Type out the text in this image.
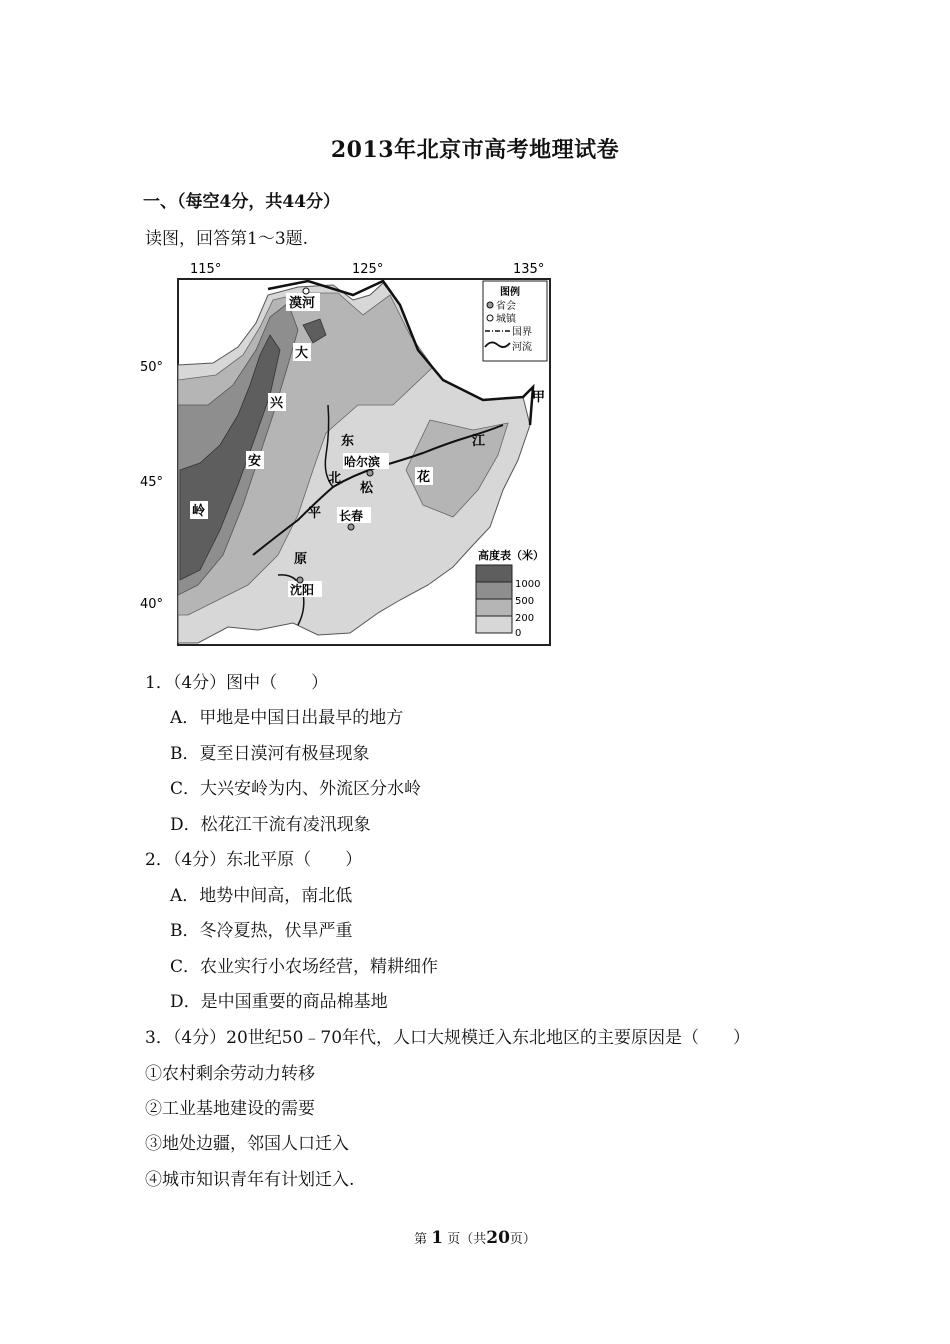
2013年北京市高考地理试卷
一、（每空4分，共44分）
读图，回答第1～3题.
115°	125°	135°
50°
45°
40°
漠河
大
兴
安
岭
东
北
平
原
哈尔滨
松
花
江
长春
沈阳
甲
图例
省会
城镇
国界
河流
高度表（米）
1000
500
200
0
1．（4分）图中（　　）
A．甲地是中国日出最早的地方
B．夏至日漠河有极昼现象
C．大兴安岭为内、外流区分水岭
D．松花江干流有凌汛现象
2．（4分）东北平原（　　）
A．地势中间高，南北低
B．冬冷夏热，伏旱严重
C．农业实行小农场经营，精耕细作
D．是中国重要的商品棉基地
3．（4分）20世纪50﹣70年代，人口大规模迁入东北地区的主要原因是（　　）
①农村剩余劳动力转移
②工业基地建设的需要
③地处边疆，邻国人口迁入
④城市知识青年有计划迁入.
第 1 页（共20页）
